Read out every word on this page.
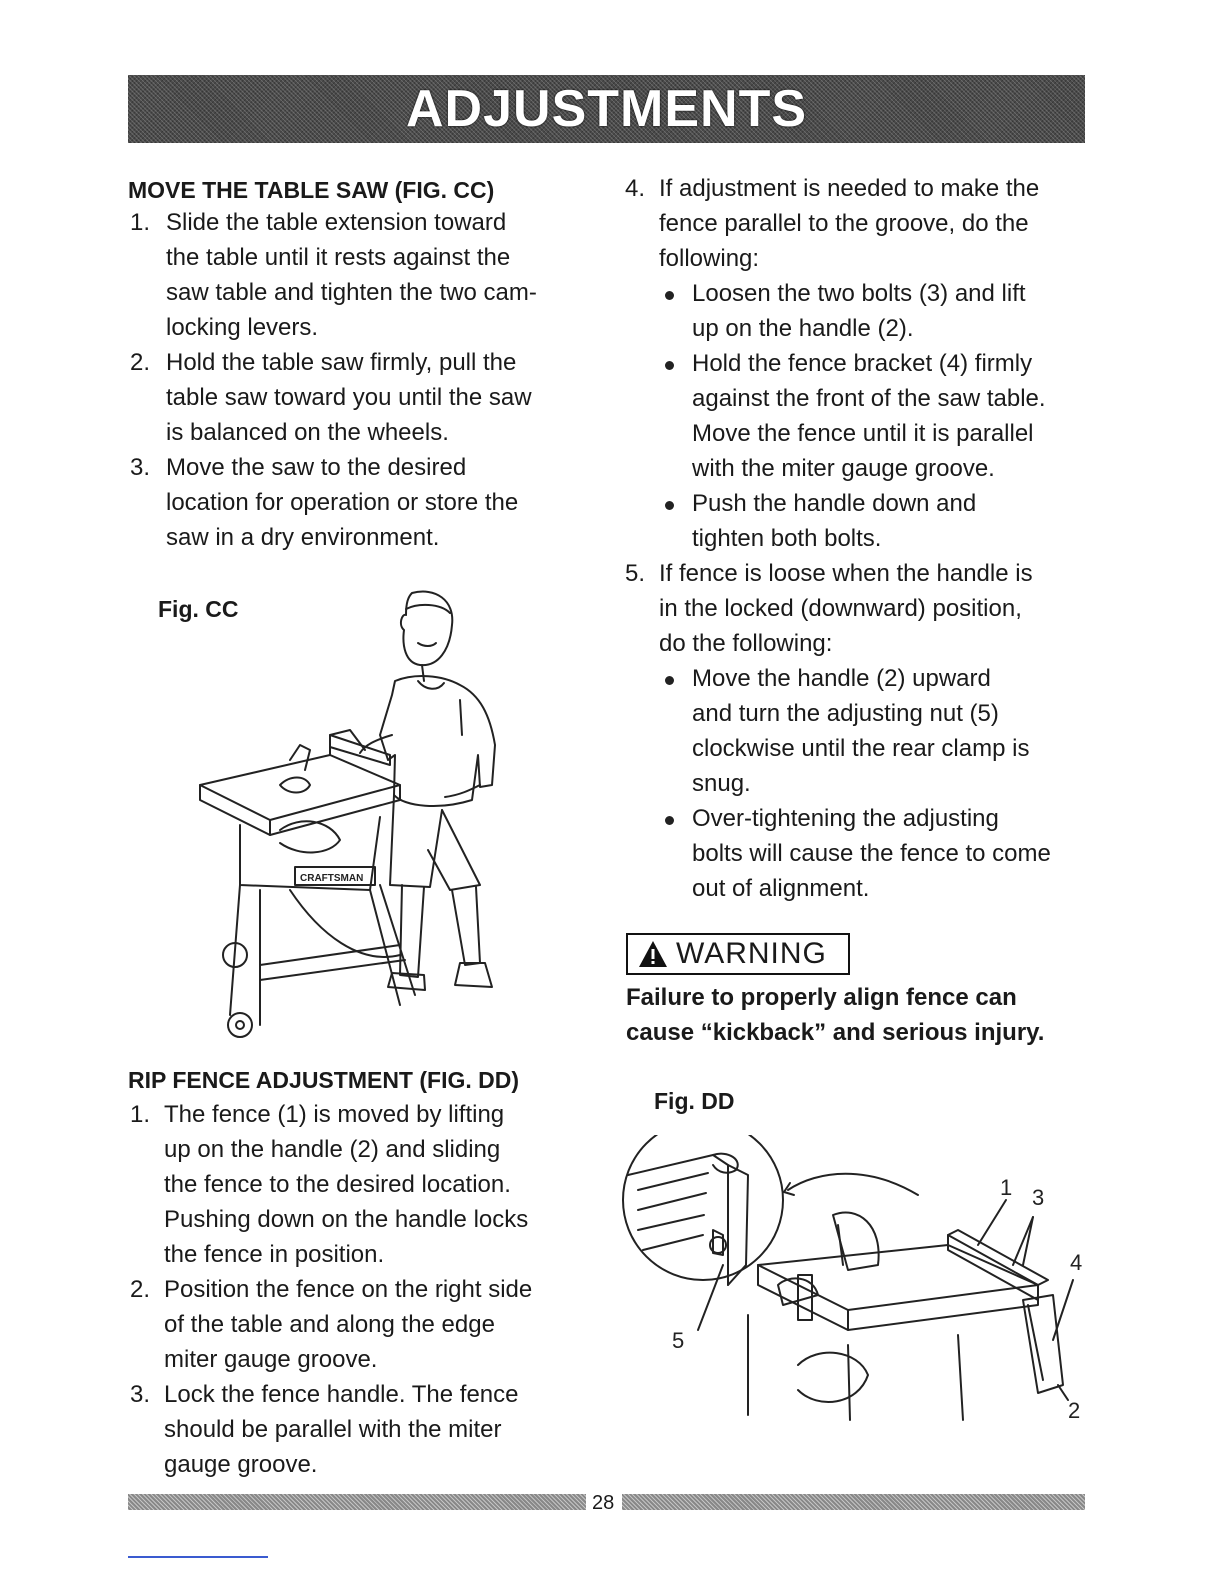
ADJUSTMENTS
MOVE THE TABLE SAW (FIG. CC)
1. Slide the table extension toward
the table until it rests against the
saw table and tighten the two cam-
locking levers.
2. Hold the table saw firmly, pull the
table saw toward you until the saw
is balanced on the wheels.
3. Move the saw to the desired
location for operation or store the
saw in a dry environment.
Fig. CC
CRAFTSMAN
RIP FENCE ADJUSTMENT (FIG. DD)
1. The fence (1) is moved by lifting
up on the handle (2) and sliding
the fence to the desired location.
Pushing down on the handle locks
the fence in position.
2. Position the fence on the right side
of the table and along the edge
miter gauge groove.
3. Lock the fence handle. The fence
should be parallel with the miter
gauge groove.
4. If adjustment is needed to make the
fence parallel to the groove, do the
following:
Loosen the two bolts (3) and lift
up on the handle (2).
Hold the fence bracket (4) firmly
against the front of the saw table.
Move the fence until it is parallel
with the miter gauge groove.
Push the handle down and
tighten both bolts.
5. If fence is loose when the handle is
in the locked (downward) position,
do the following:
Move the handle (2) upward
and turn the adjusting nut (5)
clockwise until the rear clamp is
snug.
Over-tightening the adjusting
bolts will cause the fence to come
out of alignment.
WARNING
Failure to properly align fence can
cause “kickback” and serious injury.
Fig. DD
1 3
4
2
5
28
